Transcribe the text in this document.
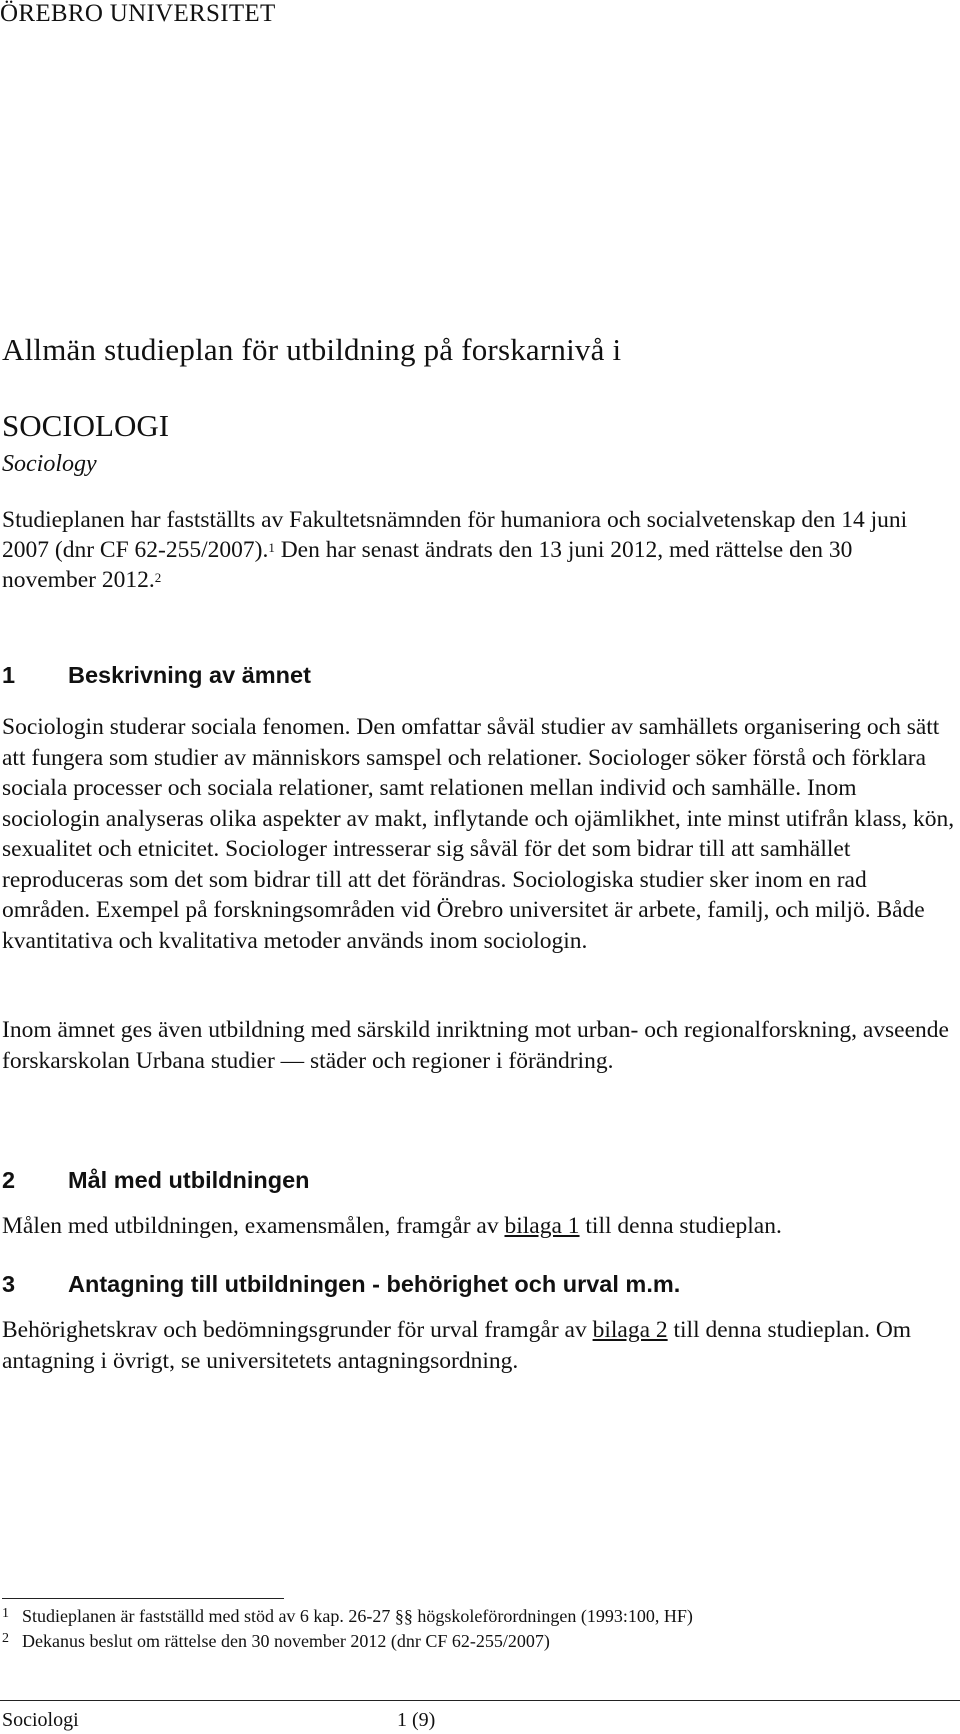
ÖREBRO UNIVERSITET
Allmän studieplan för utbildning på forskarnivå i
SOCIOLOGI
Sociology
Studieplanen har fastställts av Fakultetsnämnden för humaniora och socialvetenskap den 14 juni 2007 (dnr CF 62-255/2007).$^1$ Den har senast ändrats den 13 juni 2012, med rättelse den 30 november 2012.$^2$
1 Beskrivning av ämnet
Sociologin studerar sociala fenomen. Den omfattar såväl studier av samhällets organisering och sätt att fungera som studier av människors samspel och relationer. Sociologer söker förstå och förklara sociala processer och sociala relationer, samt relationen mellan individ och samhälle. Inom sociologin analyseras olika aspekter av makt, inflytande och ojämlikhet, inte minst utifrån klass, kön, sexualitet och etnicitet. Sociologer intresserar sig såväl för det som bidrar till att samhället reproduceras som det som bidrar till att det förändras. Sociologiska studier sker inom en rad områden. Exempel på forskningsområden vid Örebro universitet är arbete, familj, och miljö. Både kvantitativa och kvalitativa metoder används inom sociologin.
Inom ämnet ges även utbildning med särskild inriktning mot urban- och regionalforskning, avseende forskarskolan Urbana studier — städer och regioner i förändring.
2 Mål med utbildningen
Målen med utbildningen, examensmålen, framgår av bilaga 1 till denna studieplan.
3 Antagning till utbildningen - behörighet och urval m.m.
Behörighetskrav och bedömningsgrunder för urval framgår av bilaga 2 till denna studieplan. Om antagning i övrigt, se universitetets antagningsordning.
1 Studieplanen är fastställd med stöd av 6 kap. 26-27 §§ högskoleförordningen (1993:100, HF)
2 Dekanus beslut om rättelse den 30 november 2012 (dnr CF 62-255/2007)
Sociologi	1 (9)
